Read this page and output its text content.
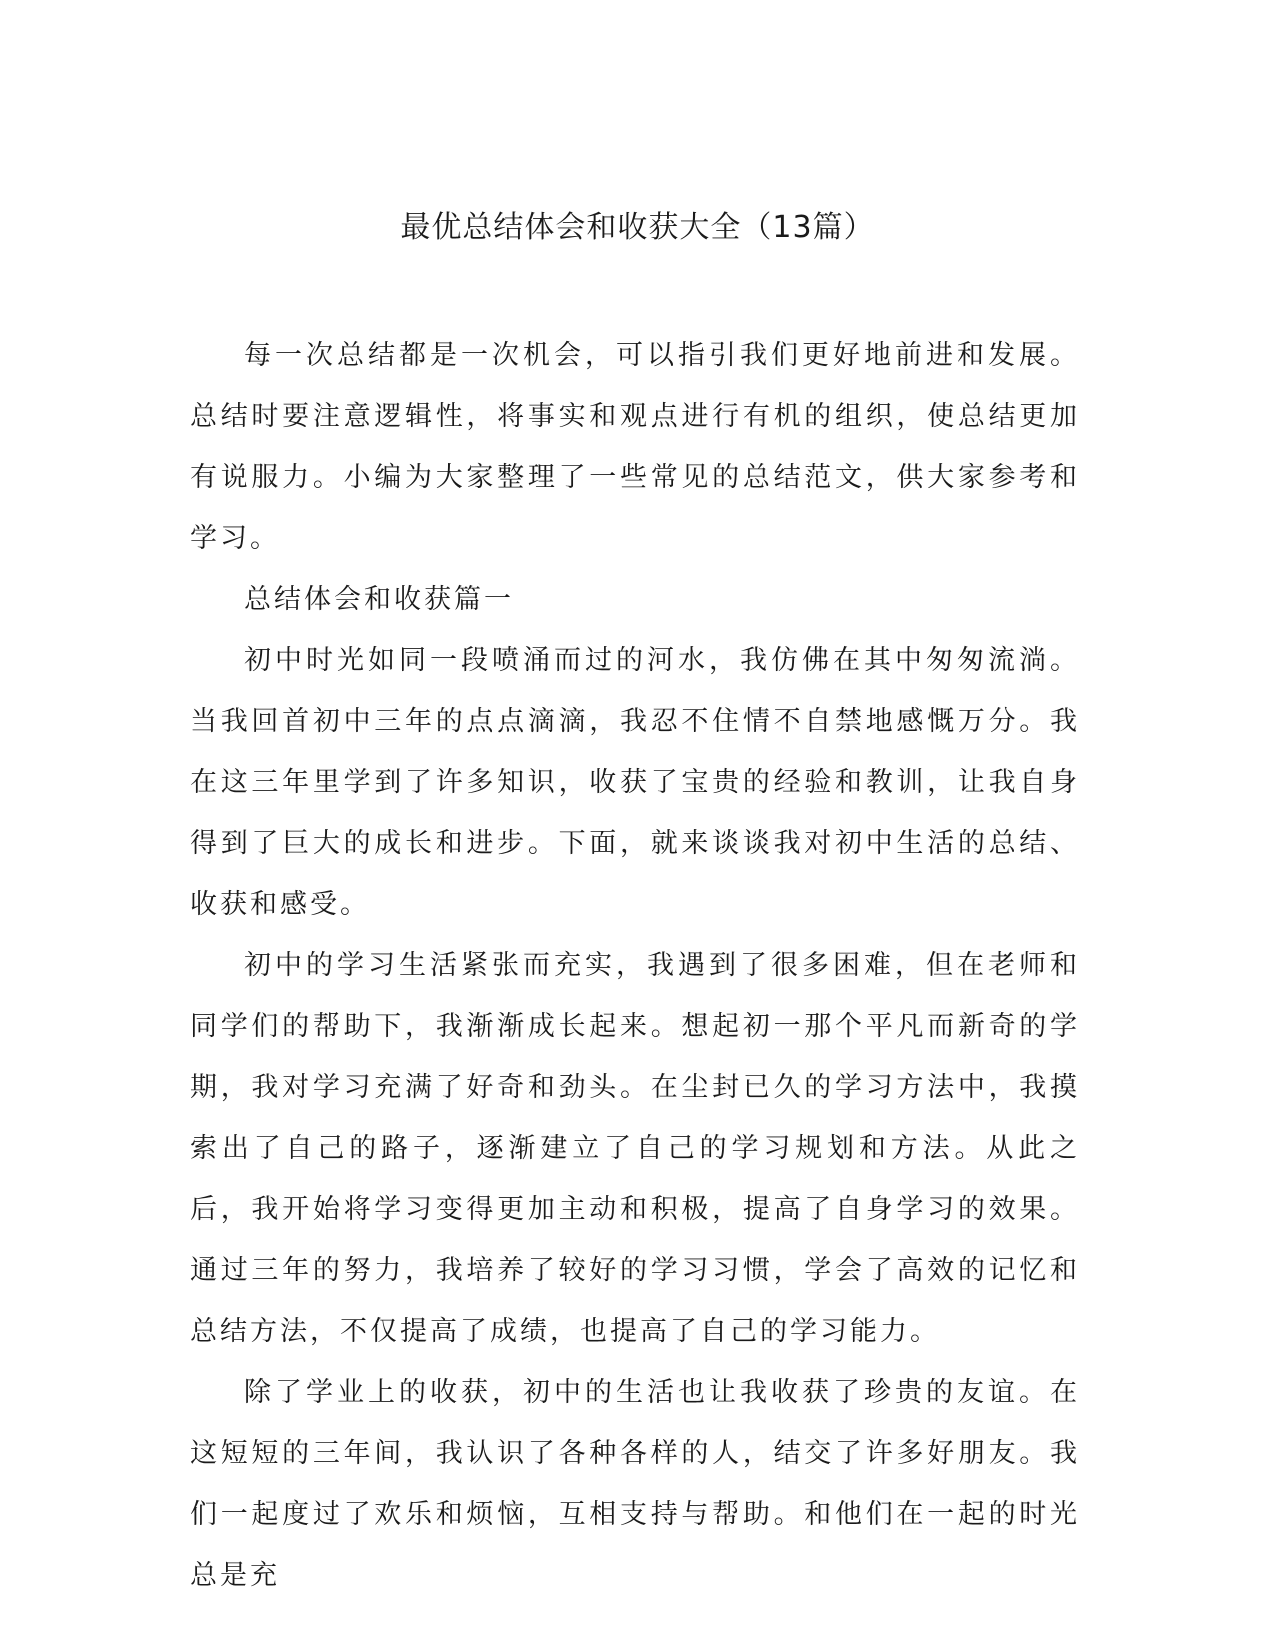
最优总结体会和收获大全（13篇）

每一次总结都是一次机会，可以指引我们更好地前进和发展。总结时要注意逻辑性，将事实和观点进行有机的组织，使总结更加有说服力。小编为大家整理了一些常见的总结范文，供大家参考和学习。

总结体会和收获篇一

初中时光如同一段喷涌而过的河水，我仿佛在其中匆匆流淌。当我回首初中三年的点点滴滴，我忍不住情不自禁地感慨万分。我在这三年里学到了许多知识，收获了宝贵的经验和教训，让我自身得到了巨大的成长和进步。下面，就来谈谈我对初中生活的总结、收获和感受。

初中的学习生活紧张而充实，我遇到了很多困难，但在老师和同学们的帮助下，我渐渐成长起来。想起初一那个平凡而新奇的学期，我对学习充满了好奇和劲头。在尘封已久的学习方法中，我摸索出了自己的路子，逐渐建立了自己的学习规划和方法。从此之后，我开始将学习变得更加主动和积极，提高了自身学习的效果。通过三年的努力，我培养了较好的学习习惯，学会了高效的记忆和总结方法，不仅提高了成绩，也提高了自己的学习能力。

除了学业上的收获，初中的生活也让我收获了珍贵的友谊。在这短短的三年间，我认识了各种各样的人，结交了许多好朋友。我们一起度过了欢乐和烦恼，互相支持与帮助。和他们在一起的时光总是充
